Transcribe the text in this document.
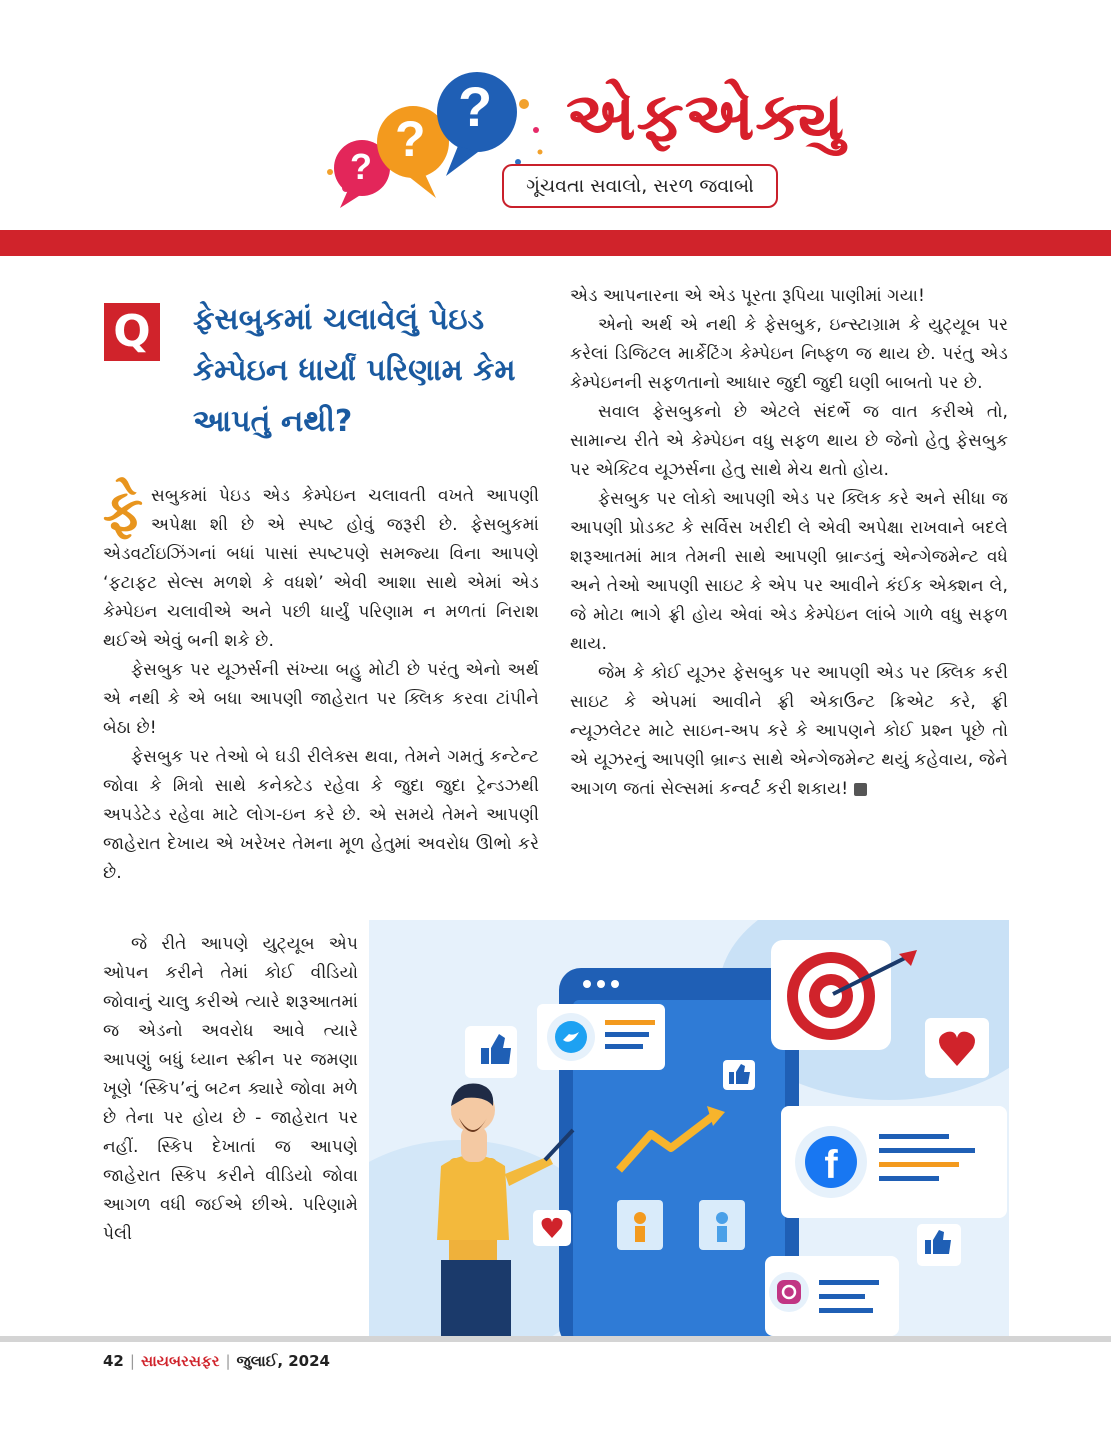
? ?
? એફએક્યુ
ગૂંચવતા સવાલો, સરળ જવાબો
Q	ફેસબુકમાં ચલાવેલું પેઇડ કેમ્પેઇન ધાર્યાં પરિણામ કેમ આપતું નથી?

ફેસબુકમાં પેઇડ એડ કેમ્પેઇન ચલાવતી વખતે આપણી અપેક્ષા શી છે એ સ્પષ્ટ હોવું જરૂરી છે. ફેસબુકમાં એડવર્ટાઇઝિંગનાં બધાં પાસાં સ્પષ્ટપણે સમજ્યા વિના આપણે ‘ફટાફટ સેલ્સ મળશે કે વધશે’ એવી આશા સાથે એમાં એડ કેમ્પેઇન ચલાવીએ અને પછી ધાર્યું પરિણામ ન મળતાં નિરાશ થઈએ એવું બની શકે છે.

ફેસબુક પર યૂઝર્સની સંખ્યા બહુ મોટી છે પરંતુ એનો અર્થ એ નથી કે એ બધા આપણી જાહેરાત પર ક્લિક કરવા ટાંપીને બેઠા છે!

ફેસબુક પર તેઓ બે ઘડી રીલેક્સ થવા, તેમને ગમતું કન્ટેન્ટ જોવા કે મિત્રો સાથે કનેક્ટેડ રહેવા કે જુદા જુદા ટ્રેન્ડઝથી અપડેટેડ રહેવા માટે લોગ-ઇન કરે છે. એ સમયે તેમને આપણી જાહેરાત દેખાય એ ખરેખર તેમના મૂળ હેતુમાં અવરોધ ઊભો કરે છે.

જે રીતે આપણે યુટ્યૂબ એપ ઓપન કરીને તેમાં કોઈ વીડિયો જોવાનું ચાલુ કરીએ ત્યારે શરૂઆતમાં જ એડનો અવરોધ આવે ત્યારે આપણું બધું ધ્યાન સ્ક્રીન પર જમણા ખૂણે ‘સ્કિપ’નું બટન ક્યારે જોવા મળે છે તેના પર હોય છે - જાહેરાત પર નહીં. સ્કિપ દેખાતાં જ આપણે જાહેરાત સ્કિપ કરીને વીડિયો જોવા આગળ વધી જઈએ છીએ. પરિણામે પેલી

એડ આપનારના એ એડ પૂરતા રૂપિયા પાણીમાં ગયા!

એનો અર્થ એ નથી કે ફેસબુક, ઇન્સ્ટાગ્રામ કે યુટ્યૂબ પર કરેલાં ડિજિટલ માર્કેટિંગ કેમ્પેઇન નિષ્ફળ જ થાય છે. પરંતુ એડ કેમ્પેઇનની સફળતાનો આધાર જુદી જુદી ઘણી બાબતો પર છે.

સવાલ ફેસબુકનો છે એટલે સંદર્ભે જ વાત કરીએ તો, સામાન્ય રીતે એ કેમ્પેઇન વધુ સફળ થાય છે જેનો હેતુ ફેસબુક પર એક્ટિવ યૂઝર્સના હેતુ સાથે મેચ થતો હોય.

ફેસબુક પર લોકો આપણી એડ પર ક્લિક કરે અને સીધા જ આપણી પ્રોડક્ટ કે સર્વિસ ખરીદી લે એવી અપેક્ષા રાખવાને બદલે શરૂઆતમાં માત્ર તેમની સાથે આપણી બ્રાન્ડનું એન્ગેજમેન્ટ વધે અને તેઓ આપણી સાઇટ કે એપ પર આવીને કંઈક એક્શન લે, જે મોટા ભાગે ફ્રી હોય એવાં એડ કેમ્પેઇન લાંબે ગાળે વધુ સફળ થાય.

જેમ કે કોઈ યૂઝર ફેસબુક પર આપણી એડ પર ક્લિક કરી સાઇટ કે એપમાં આવીને ફ્રી એકાઉન્ટ ક્રિએટ કરે, ફ્રી ન્યૂઝલેટર માટે સાઇન-અપ કરે કે આપણને કોઈ પ્રશ્ન પૂછે તો એ યૂઝરનું આપણી બ્રાન્ડ સાથે એન્ગેજમેન્ટ થયું કહેવાય, જેને આગળ જતાં સેલ્સમાં કન્વર્ટ કરી શકાય!

f
42 | સાયબરસફર | જુલાઈ, 2024
